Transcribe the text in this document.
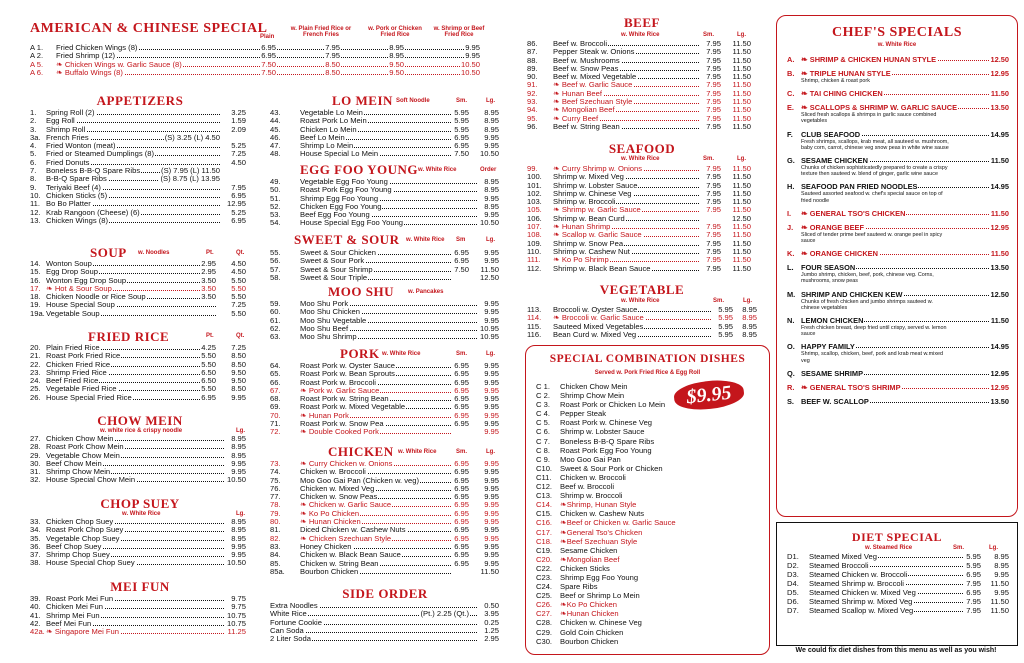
AMERICAN & CHINESE SPECIAL
Plain
w. Plain Fried Rice or French Fries
w. Pork or Chicken Fried Rice
w. Shrimp or Beef Fried Rice
A 1. Fried Chicken Wings (8)	6.95	7.95	8.95	9.95
A 2. Fried Shrimp (12)	6.95	7.95	8.95	9.95
A 5. ❧ Chicken Wings w. Garlic Sauce (8)	7.50	8.50	9.50	10.50
A 6. ❧ Buffalo Wings (8)	7.50	8.50	9.50	10.50
APPETIZERS
1. Spring Roll (2)	3.25
2. Egg Roll	1.59
3. Shrimp Roll	2.09
3a. French Fries	(S) 3.25 (L) 4.50
4. Fried Wonton (meat)	5.25
5. Fried or Steamed Dumplings (8)	7.25
6. Fried Donuts	4.50
7. Boneless B-B-Q Spare Ribs	(S) 7.95 (L) 11.50
8. B-B-Q Spare Ribs	(S) 8.75 (L) 13.95
9. Teriyaki Beef (4)	7.95
10. Chicken Sticks (5)	6.95
11. Bo Bo Platter	12.95
12. Krab Rangoon (Cheese) (6)	5.25
13. Chicken Wings (8)	6.95
SOUP w. Noodles	Pt.	Qt.
14. Wonton Soup	2.95 4.50
15. Egg Drop Soup	2.95 4.50
16. Wonton Egg Drop Soup	3.50 5.50
17. ❧ Hot & Sour Soup	3.50 5.50
18. Chicken Noodle or Rice Soup	3.50 5.50
19. House Special Soup	7.25
19a. Vegetable Soup	5.50
FRIED RICE	Pt.	Qt.
20. Plain Fried Rice	4.25 7.25
21. Roast Pork Fried Rice	5.50 8.50
22. Chicken Fried Rice	5.50 8.50
23. Shrimp Fried Rice	6.50 9.50
24. Beef Fried Rice	6.50 9.50
25. Vegetable Fried Rice	5.50 8.50
26. House Special Fried Rice	6.95 9.95
CHOW MEIN
w. white rice & crispy noodle	Lg.
27. Chicken Chow Mein	8.95
28. Roast Pork Chow Mein	8.95
29. Vegetable Chow Mein	8.95
30. Beef Chow Mein	9.95
31. Shrimp Chow Mein	9.95
32. House Special Chow Mein	10.50
CHOP SUEY
w. White Rice	Lg.
33. Chicken Chop Suey	8.95
34. Roast Pork Chop Suey	8.95
35. Vegetable Chop Suey	8.95
36. Beef Chop Suey	9.95
37. Shrimp Chop Suey	9.95
38. House Special Chop Suey	10.50
MEI FUN
39. Roast Pork Mei Fun	9.75
40. Chicken Mei Fun	9.75
41. Shrimp Mei Fun	10.75
42. Beef Mei Fun	10.75
42a. ❧ Singapore Mei Fun	11.25
LO MEIN Soft Noodle	Sm.	Lg.
43.	Vegetable Lo Mein	5.95 8.95
44.	Roast Pork Lo Mein	5.95 8.95
45.	Chicken Lo Mein	5.95 8.95
46.	Beef Lo Mein	6.95 9.95
47.	Shrimp Lo Mein	6.95 9.95
48.	House Special Lo Mein	7.50 10.50
EGG FOO YOUNG w. White Rice	Order
49.	Vegetable Egg Foo Young	8.95
50.	Roast Pork Egg Foo Young	8.95
51.	Shrimp Egg Foo Young	9.95
52.	Chicken Egg Foo Young	8.95
53.	Beef Egg Foo Young	9.95
54.	House Special Egg Foo Young	10.50
SWEET & SOUR w. White Rice Sm	Lg.
55.	Sweet & Sour Chicken	6.95 9.95
56.	Sweet & Sour Pork	6.95 9.95
57.	Sweet & Sour Shrimp	7.50 11.50
58.	Sweet & Sour Triple	12.50
MOO SHU w. Pancakes
59.	Moo Shu Pork	9.95
60.	Moo Shu Chicken	9.95
61.	Moo Shu Vegetable	9.95
62.	Moo Shu Beef	10.95
63.	Moo Shu Shrimp	10.95
PORK w. White Rice	Sm.	Lg.
64.	Roast Pork w. Oyster Sauce	6.95 9.95
65.	Roast Pork w. Bean Sprouts	6.95 9.95
66.	Roast Pork w. Broccoli	6.95 9.95
67. ❧ Pork w. Garlic Sauce	6.95 9.95
68.	Roast Pork w. String Bean	6.95 9.95
69.	Roast Pork w. Mixed Vegetable	6.95 9.95
70. ❧ Hunan Pork	6.95 9.95
71.	Roast Pork w. Snow Pea	6.95 9.95
72. ❧ Double Cooked Pork	9.95
CHICKEN w. White Rice	Sm.	Lg.
73. ❧ Curry Chicken w. Onions	6.95 9.95
74.	Chicken w. Broccoli	6.95 9.95
75.	Moo Goo Gai Pan (Chicken w. veg)	6.95 9.95
76.	Chicken w. Mixed Veg	6.95 9.95
77.	Chicken w. Snow Peas	6.95 9.95
78. ❧ Chicken w. Garlic Sauce	6.95 9.95
79. ❧ Ko Po Chicken	6.95 9.95
80. ❧ Hunan Chicken	6.95 9.95
81.	Diced Chicken w. Cashew Nuts	6.95 9.95
82. ❧ Chicken Szechuan Style	6.95 9.95
83.	Honey Chicken	6.95 9.95
84.	Chicken w. Black Bean Sauce	6.95 9.95
85.	Chicken w. String Bean	6.95 9.95
85a. Bourbon Chicken	11.50
SIDE ORDER
Extra Noodles	0.50
White Rice	(Pt.) 2.25 (Qt.) 3.95
Fortune Cookie	0.25
Can Soda	1.25
2 Liter Soda	2.95
BEEF
w. White Rice	Sm.	Lg.
86. Beef w. Broccoli	7.95 11.50
87. Pepper Steak w. Onions	7.95 11.50
88. Beef w. Mushrooms	7.95 11.50
89. Beef w. Snow Peas	7.95 11.50
90. Beef w. Mixed Vegetable	7.95 11.50
91. ❧ Beef w. Garlic Sauce	7.95 11.50
92. ❧ Hunan Beef	7.95 11.50
93. ❧ Beef Szechuan Style	7.95 11.50
94. ❧ Mongolian Beef	7.95 11.50
95. ❧ Curry Beef	7.95 11.50
96. Beef w. String Bean	7.95 11.50
SEAFOOD
w. White Rice	Sm.	Lg.
99. ❧ Curry Shrimp w. Onions	7.95 11.50
100. Shrimp w. Mixed Veg	7.95 11.50
101. Shrimp w. Lobster Sauce	7.95 11.50
102. Shrimp w. Chinese Veg	7.95 11.50
103. Shrimp w. Broccoli	7.95 11.50
105. ❧ Shrimp w. Garlic Sauce	7.95 11.50
106. Shrimp w. Bean Curd	12.50
107. ❧ Hunan Shrimp	7.95 11.50
108. ❧ Scallop w. Garlic Sauce	7.95 11.50
109. Shrimp w. Snow Pea	7.95 11.50
110. Shrimp w. Cashew Nut	7.95 11.50
111. ❧ Ko Po Shrimp	7.95 11.50
112. Shrimp w. Black Bean Sauce	7.95 11.50
VEGETABLE
w. White Rice	Sm.	Lg.
113. Broccoli w. Oyster Sauce	5.95 8.95
114. ❧ Broccoli w. Garlic Sauce	5.95 8.95
115. Sauteed Mixed Vegetables	5.95 8.95
116. Bean Curd w. Mixed Veg	5.95 8.95
SPECIAL COMBINATION DISHES
Served w. Pork Fried Rice & Egg Roll
$9.95
C 1. Chicken Chow Mein
C 2. Shrimp Chow Mein
C 3. Roast Pork or Chicken Lo Mein
C 4. Pepper Steak
C 5. Roast Pork w. Chinese Veg
C 6. Shrimp w. Lobster Sauce
C 7. Boneless B-B-Q Spare Ribs
C 8. Roast Pork Egg Foo Young
C 9. Moo Goo Gai Pan
C10. Sweet & Sour Pork or Chicken
C11. Chicken w. Broccoli
C12. Beef w. Broccoli
C13. Shrimp w. Broccoli
C14. ❧Shrimp, Hunan Style
C15. Chicken w. Cashew Nuts
C16. ❧Beef or Chicken w. Garlic Sauce
C17. ❧General Tso's Chicken
C18. ❧Beef Szechuan Style
C19. Sesame Chicken
C20. ❧Mongolian Beef
C22. Chicken Sticks
C23. Shrimp Egg Foo Young
C24. Spare Ribs
C25. Beef or Shrimp Lo Mein
C26. ❧Ko Po Chicken
C27. ❧Hunan Chicken
C28. Chicken w. Chinese Veg
C29. Gold Coin Chicken
C30. Bourbon Chicken
CHEF'S SPECIALS
w. White Rice
A. ❧ SHRIMP & CHICKEN HUNAN STYLE	12.50
B. ❧ TRIPLE HUNAN STYLE	12.95
Shrimp, chicken & roast pork
C. ❧ TAI CHING CHICKEN	11.50
E. ❧ SCALLOPS & SHRIMP W. GARLIC SAUCE	13.50
Sliced fresh scallops & shrimps in garlic sauce combined vegetables
F. CLUB SEAFOOD	14.95
Fresh shrimps, scallops, krab meat, all sauteed w. mushroom, baby corn, carrot, chinese veg snow peas in white wine sause
G. SESAME CHICKEN	11.50
Chunks of chicken sophisticatedly prepared to create a crispy texture then sauteed w. blend of ginger, garlic wine sauce
H. SEAFOOD PAN FRIED NOODLES	14.95
Sauteed assorted seafood w. chef's special sauce on top of fried noodle
I. ❧ GENERAL TSO'S CHICKEN	11.50
J. ❧ ORANGE BEEF	12.95
Sliced of tender prime beef sauteed w. orange peel in spicy sauce
K. ❧ ORANGE CHICKEN	11.50
L. FOUR SEASON	13.50
Jumbo shrimp, chicken, beef, pork, chinese veg. Corns, mushrooms, snow peas
M. SHRIMP AND CHICKEN KEW	12.50
Chunks of fresh chicken and jumbo shrimps sauteed w. chinese vegetables
N. LEMON CHICKEN	11.50
Fresh chicken breast, deep fried until crispy, served w. lemon sauce
O. HAPPY FAMILY	14.95
Shrimp, scallop, chicken, beef, pork and krab meat w.mixed veg
Q. SESAME SHRIMP	12.95
R. ❧ GENERAL TSO'S SHRIMP	12.95
S. BEEF W. SCALLOP	13.50
DIET SPECIAL
w. Steamed Rice	Sm.	Lg.
D1. Steamed Mixed Veg	5.95 8.95
D2. Steamed Broccoli	5.95 8.95
D3. Steamed Chicken w. Broccoli	6.95 9.95
D4. Steamed Shrimp w. Broccoli	7.95 11.50
D5. Steamed Chicken w. Mixed Veg	6.95 9.95
D6. Steamed Shrimp w. Mixed Veg	7.95 11.50
D7. Steamed Scallop w. Mixed Veg	7.95 11.50
We could fix diet dishes from this menu as well as you wish!
